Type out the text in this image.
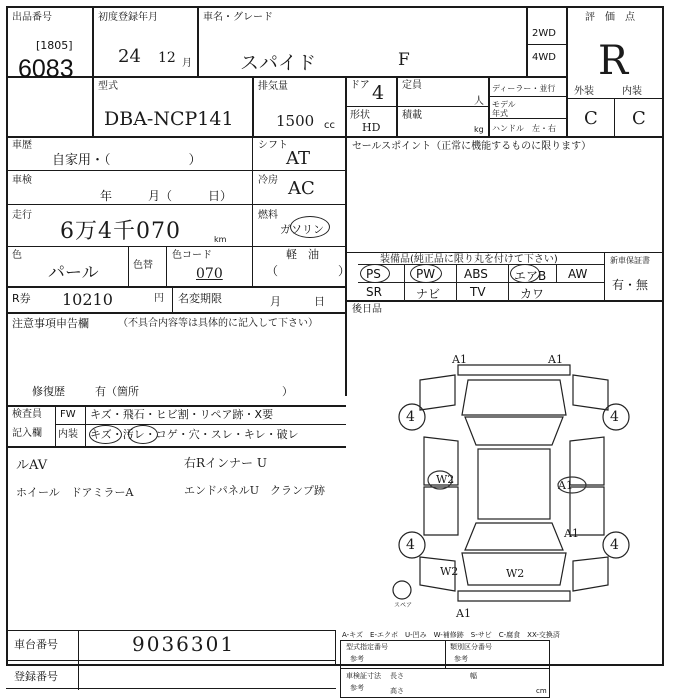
出品番号
[1805]
6083
初度登録年月
24 12 月
車名・グレード
スパイド	F
2WD
4WD
評　価　点
R
型式
DBA-NCP141
排気量
1500 cc
ドア 4
形状
HD
定員
人
積載
kg
ディーラー・並行
モデル年式
ハンドル　左・右
外装	内装
C C
車歴
自家用・（　　　　　　）
シフト
AT
車検
年　　　月（　　　日）
冷房 AC
走行
6万4千070	km
燃料
ガソリン
軽　油
（　　　　　）
色
パール	色替
色コード
070
R券 10210	円 名変期限	月　　　日
セールスポイント（正常に機能するものに限ります）
装備品(純正品に限り丸を付けて下さい)	新車保証書
有・無
PS	PW ABS エアB AW
SR	ナビ TV	カワ
後日品
注意事項申告欄	（不具合内容等は具体的に記入して下さい）
修復歴	有（箇所　　　　　　　　　　　　　）
検査員
記入欄
FW キズ・飛石・ヒビ割・リペア跡・X要
内装 キズ・汚レ・コゲ・穴・スレ・キレ・破レ
ルAV
ホイール　ドアミラーA
右Rインナー U
エンドパネルU　クランプ跡
A1	A1
4	4
4	4
W2	A1
A1
W2	W2
A1
スペア
A-キズ　E-エクボ　U-凹み　W-補修跡　S-サビ　C-腐食　XX-交換済
車台番号	9036301
登録番号
型式指定番号
参考
類別区分番号
参考
車検証寸法
参考
長さ	幅
高さ	cm
